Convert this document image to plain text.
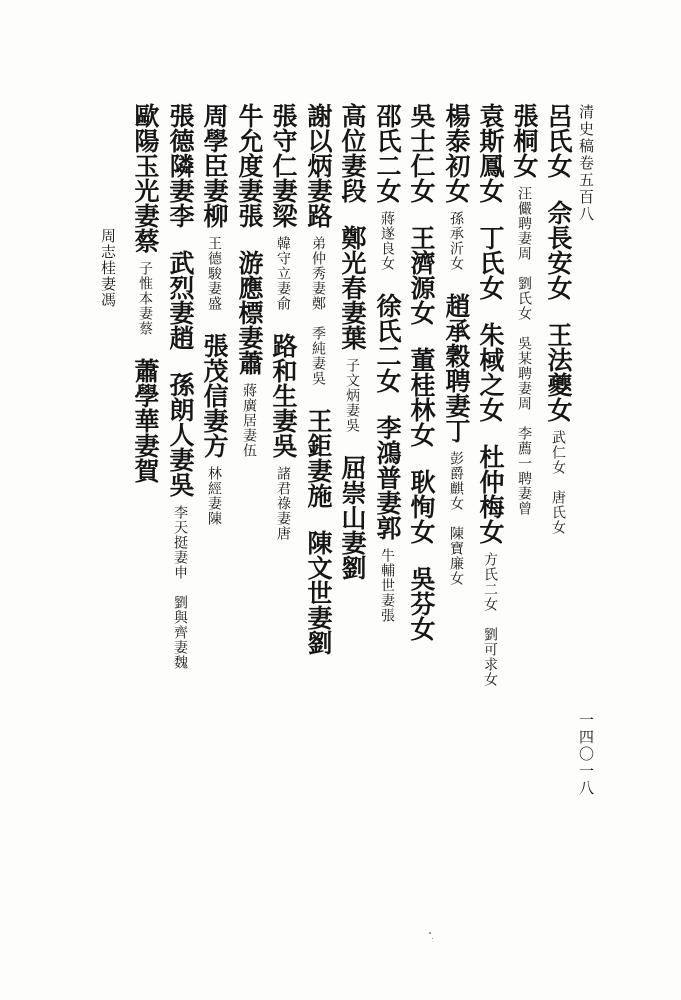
清史稿卷五百八
一四〇一八
呂氏女佘長安女王法夔女武仁女　唐氏女
張桐女汪儼聘妻周　劉氏女　吳某聘妻周　李薦一聘妻曾
袁斯鳳女丁氏女朱棫之女杜仲梅女方氏二女　劉可求女
楊泰初女孫承沂女趙承穀聘妻丁彭爵麒女　陳寶廉女
吳士仁女王濟源女董桂林女耿恂女吳芬女
邵氏二女蔣遂良女徐氏二女李鴻普妻郭牛輔世妻張
高位妻段鄭光春妻葉子文炳妻吳屈崇山妻劉
謝以炳妻路弟仲秀妻鄭　季純妻吳王鉅妻施陳文世妻劉
張守仁妻梁韓守立妻俞路和生妻吳諸君祿妻唐
牛允度妻張游應標妻蕭蔣廣居妻伍
周學臣妻柳王德駿妻盛張茂信妻方林經妻陳
張德隣妻李武烈妻趙孫朗人妻吳李天挺妻申　劉與齊妻魏
歐陽玉光妻蔡子惟本妻蔡蕭學華妻賀
周志桂妻馮
